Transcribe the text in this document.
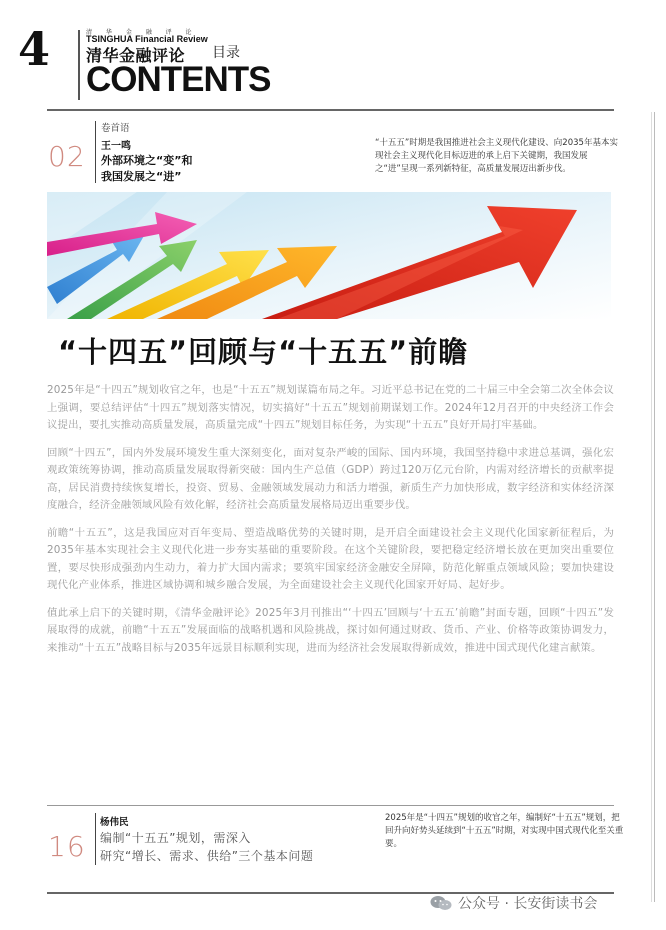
4	清 华 金 融 评 论
TSINGHUA Financial Review
清华金融评论 目录
CONTENTS
02
卷首语
王一鸣
外部环境之“变”和
我国发展之“进”
“十五五”时期是我国推进社会主义现代化建设、向2035年基本实现社会主义现代化目标迈进的承上启下关键期，我国发展之“进”呈现一系列新特征，高质量发展迈出新步伐。
“十四五”回顾与“十五五”前瞻

2025年是“十四五”规划收官之年，也是“十五五”规划谋篇布局之年。习近平总书记在党的二十届三中全会第二次全体会议上强调，要总结评估“十四五”规划落实情况，切实搞好“十五五”规划前期谋划工作。2024年12月召开的中央经济工作会议提出，要扎实推动高质量发展，高质量完成“十四五”规划目标任务，为实现“十五五”良好开局打牢基础。

回顾“十四五”，国内外发展环境发生重大深刻变化，面对复杂严峻的国际、国内环境，我国坚持稳中求进总基调，强化宏观政策统筹协调，推动高质量发展取得新突破：国内生产总值（GDP）跨过120万亿元台阶，内需对经济增长的贡献率提高，居民消费持续恢复增长，投资、贸易、金融领域发展动力和活力增强，新质生产力加快形成，数字经济和实体经济深度融合，经济金融领域风险有效化解，经济社会高质量发展格局迈出重要步伐。

前瞻“十五五”，这是我国应对百年变局、塑造战略优势的关键时期，是开启全面建设社会主义现代化国家新征程后，为2035年基本实现社会主义现代化进一步夯实基础的重要阶段。在这个关键阶段，要把稳定经济增长放在更加突出重要位置，要尽快形成强劲内生动力，着力扩大国内需求；要筑牢国家经济金融安全屏障，防范化解重点领域风险；要加快建设现代化产业体系，推进区域协调和城乡融合发展，为全面建设社会主义现代化国家开好局、起好步。

值此承上启下的关键时期，《清华金融评论》2025年3月刊推出“‘十四五’回顾与‘十五五’前瞻”封面专题，回顾“十四五”发展取得的成就，前瞻“十五五”发展面临的战略机遇和风险挑战，探讨如何通过财政、货币、产业、价格等政策协调发力，来推动“十五五”战略目标与2035年远景目标顺利实现，进而为经济社会发展取得新成效，推进中国式现代化建言献策。

16
杨伟民
编制“十五五”规划，需深入
研究“增长、需求、供给”三个基本问题
2025年是“十四五”规划的收官之年，编制好“十五五”规划，把回升向好势头延续到“十五五”时期，对实现中国式现代化至关重要。
公众号 · 长安街读书会
